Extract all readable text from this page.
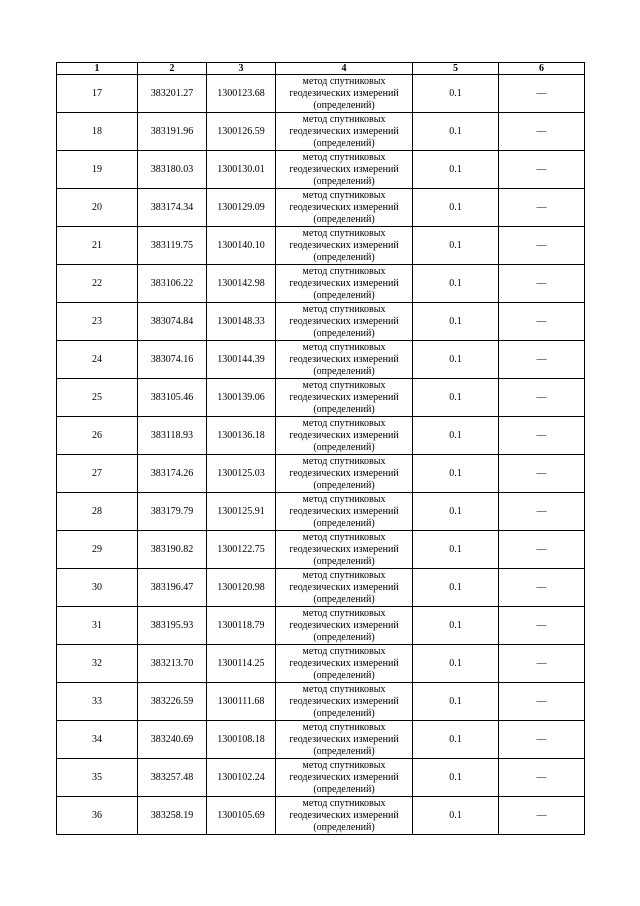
1	2	3	4	5	6
17	383201.27	1300123.68	метод спутниковых геодезических измерений (определений)	0.1	—
18	383191.96	1300126.59	метод спутниковых геодезических измерений (определений)	0.1	—
19	383180.03	1300130.01	метод спутниковых геодезических измерений (определений)	0.1	—
20	383174.34	1300129.09	метод спутниковых геодезических измерений (определений)	0.1	—
21	383119.75	1300140.10	метод спутниковых геодезических измерений (определений)	0.1	—
22	383106.22	1300142.98	метод спутниковых геодезических измерений (определений)	0.1	—
23	383074.84	1300148.33	метод спутниковых геодезических измерений (определений)	0.1	—
24	383074.16	1300144.39	метод спутниковых геодезических измерений (определений)	0.1	—
25	383105.46	1300139.06	метод спутниковых геодезических измерений (определений)	0.1	—
26	383118.93	1300136.18	метод спутниковых геодезических измерений (определений)	0.1	—
27	383174.26	1300125.03	метод спутниковых геодезических измерений (определений)	0.1	—
28	383179.79	1300125.91	метод спутниковых геодезических измерений (определений)	0.1	—
29	383190.82	1300122.75	метод спутниковых геодезических измерений (определений)	0.1	—
30	383196.47	1300120.98	метод спутниковых геодезических измерений (определений)	0.1	—
31	383195.93	1300118.79	метод спутниковых геодезических измерений (определений)	0.1	—
32	383213.70	1300114.25	метод спутниковых геодезических измерений (определений)	0.1	—
33	383226.59	1300111.68	метод спутниковых геодезических измерений (определений)	0.1	—
34	383240.69	1300108.18	метод спутниковых геодезических измерений (определений)	0.1	—
35	383257.48	1300102.24	метод спутниковых геодезических измерений (определений)	0.1	—
36	383258.19	1300105.69	метод спутниковых геодезических измерений (определений)	0.1	—
